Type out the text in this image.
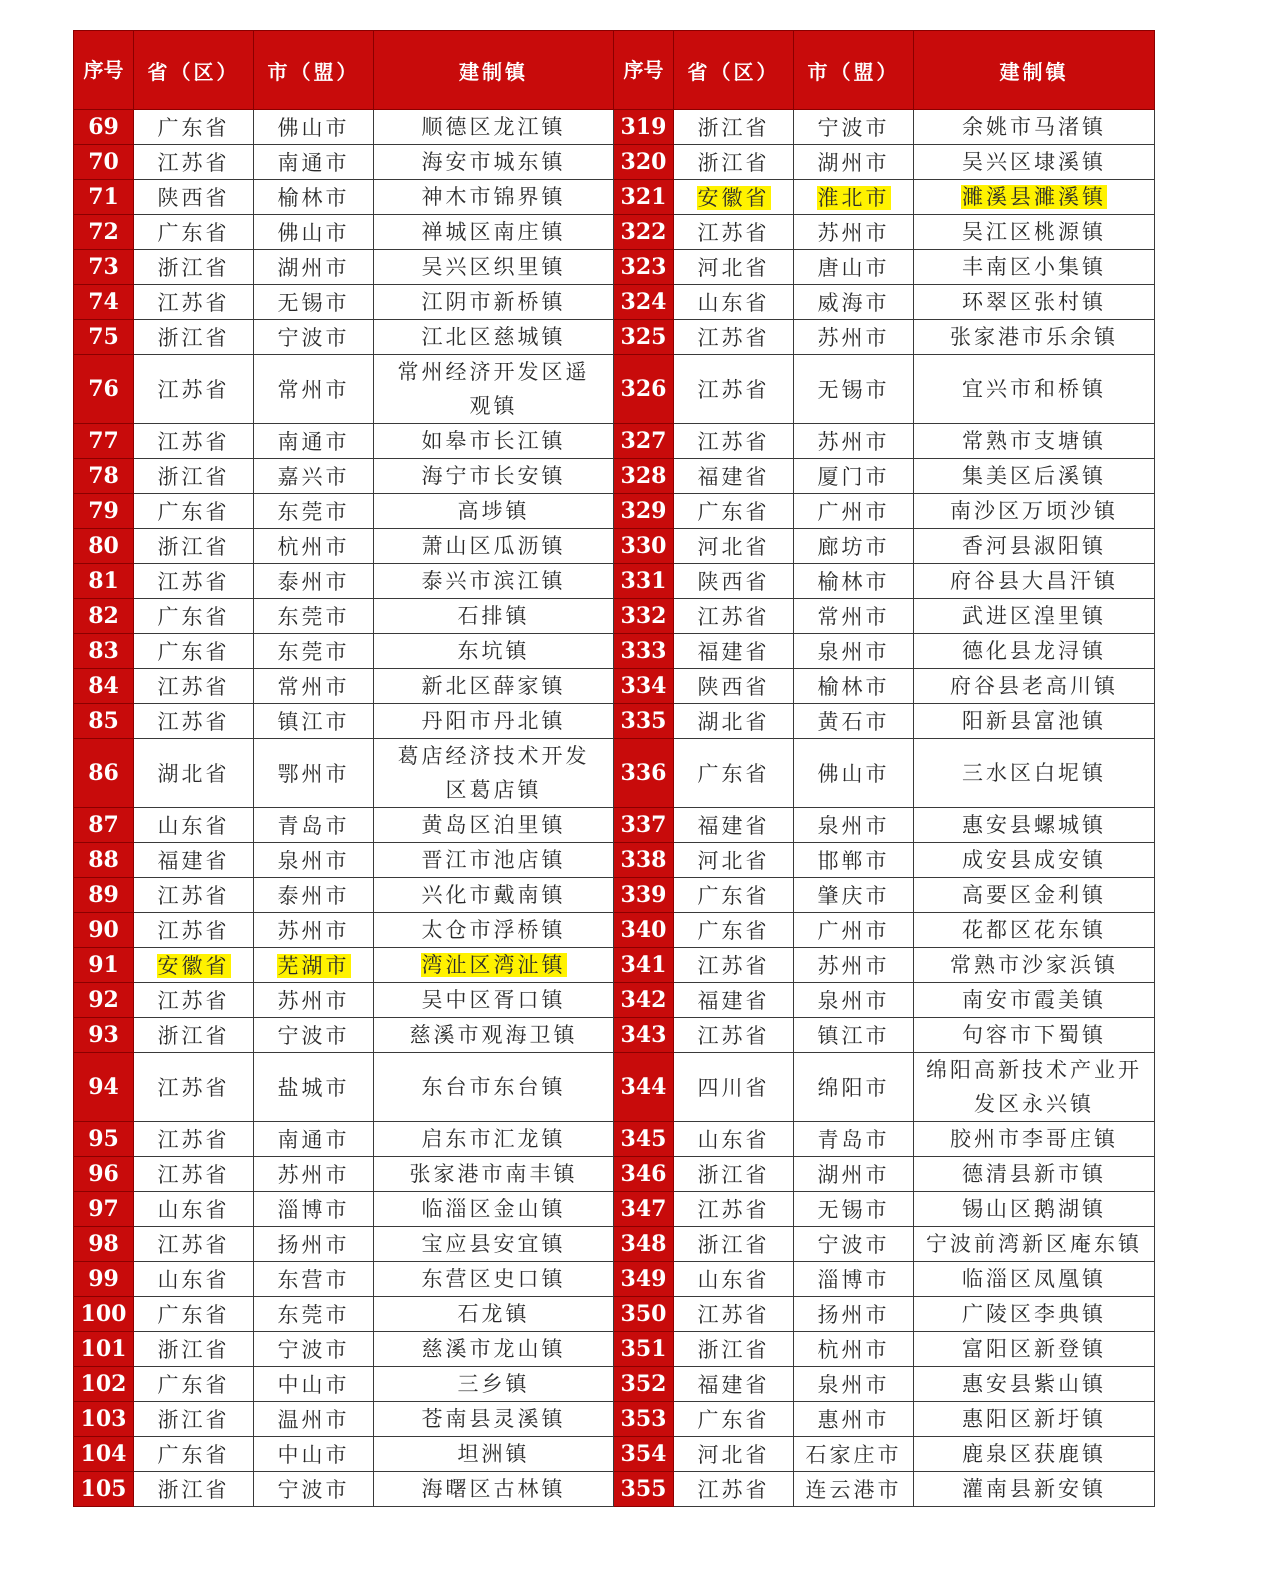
序号	省（区）	市（盟）	建制镇	序号	省（区）	市（盟）	建制镇
69	广东省	佛山市	顺德区龙江镇	319	浙江省	宁波市	余姚市马渚镇
70	江苏省	南通市	海安市城东镇	320	浙江省	湖州市	吴兴区埭溪镇
71	陕西省	榆林市	神木市锦界镇	321	安徽省	淮北市	濉溪县濉溪镇
72	广东省	佛山市	禅城区南庄镇	322	江苏省	苏州市	吴江区桃源镇
73	浙江省	湖州市	吴兴区织里镇	323	河北省	唐山市	丰南区小集镇
74	江苏省	无锡市	江阴市新桥镇	324	山东省	威海市	环翠区张村镇
75	浙江省	宁波市	江北区慈城镇	325	江苏省	苏州市	张家港市乐余镇
76	江苏省	常州市	常州经济开发区遥观镇	326	江苏省	无锡市	宜兴市和桥镇
77	江苏省	南通市	如皋市长江镇	327	江苏省	苏州市	常熟市支塘镇
78	浙江省	嘉兴市	海宁市长安镇	328	福建省	厦门市	集美区后溪镇
79	广东省	东莞市	高埗镇	329	广东省	广州市	南沙区万顷沙镇
80	浙江省	杭州市	萧山区瓜沥镇	330	河北省	廊坊市	香河县淑阳镇
81	江苏省	泰州市	泰兴市滨江镇	331	陕西省	榆林市	府谷县大昌汗镇
82	广东省	东莞市	石排镇	332	江苏省	常州市	武进区湟里镇
83	广东省	东莞市	东坑镇	333	福建省	泉州市	德化县龙浔镇
84	江苏省	常州市	新北区薛家镇	334	陕西省	榆林市	府谷县老高川镇
85	江苏省	镇江市	丹阳市丹北镇	335	湖北省	黄石市	阳新县富池镇
86	湖北省	鄂州市	葛店经济技术开发区葛店镇	336	广东省	佛山市	三水区白坭镇
87	山东省	青岛市	黄岛区泊里镇	337	福建省	泉州市	惠安县螺城镇
88	福建省	泉州市	晋江市池店镇	338	河北省	邯郸市	成安县成安镇
89	江苏省	泰州市	兴化市戴南镇	339	广东省	肇庆市	高要区金利镇
90	江苏省	苏州市	太仓市浮桥镇	340	广东省	广州市	花都区花东镇
91	安徽省	芜湖市	湾沚区湾沚镇	341	江苏省	苏州市	常熟市沙家浜镇
92	江苏省	苏州市	吴中区胥口镇	342	福建省	泉州市	南安市霞美镇
93	浙江省	宁波市	慈溪市观海卫镇	343	江苏省	镇江市	句容市下蜀镇
94	江苏省	盐城市	东台市东台镇	344	四川省	绵阳市	绵阳高新技术产业开发区永兴镇
95	江苏省	南通市	启东市汇龙镇	345	山东省	青岛市	胶州市李哥庄镇
96	江苏省	苏州市	张家港市南丰镇	346	浙江省	湖州市	德清县新市镇
97	山东省	淄博市	临淄区金山镇	347	江苏省	无锡市	锡山区鹅湖镇
98	江苏省	扬州市	宝应县安宜镇	348	浙江省	宁波市	宁波前湾新区庵东镇
99	山东省	东营市	东营区史口镇	349	山东省	淄博市	临淄区凤凰镇
100	广东省	东莞市	石龙镇	350	江苏省	扬州市	广陵区李典镇
101	浙江省	宁波市	慈溪市龙山镇	351	浙江省	杭州市	富阳区新登镇
102	广东省	中山市	三乡镇	352	福建省	泉州市	惠安县紫山镇
103	浙江省	温州市	苍南县灵溪镇	353	广东省	惠州市	惠阳区新圩镇
104	广东省	中山市	坦洲镇	354	河北省	石家庄市	鹿泉区获鹿镇
105	浙江省	宁波市	海曙区古林镇	355	江苏省	连云港市	灌南县新安镇
